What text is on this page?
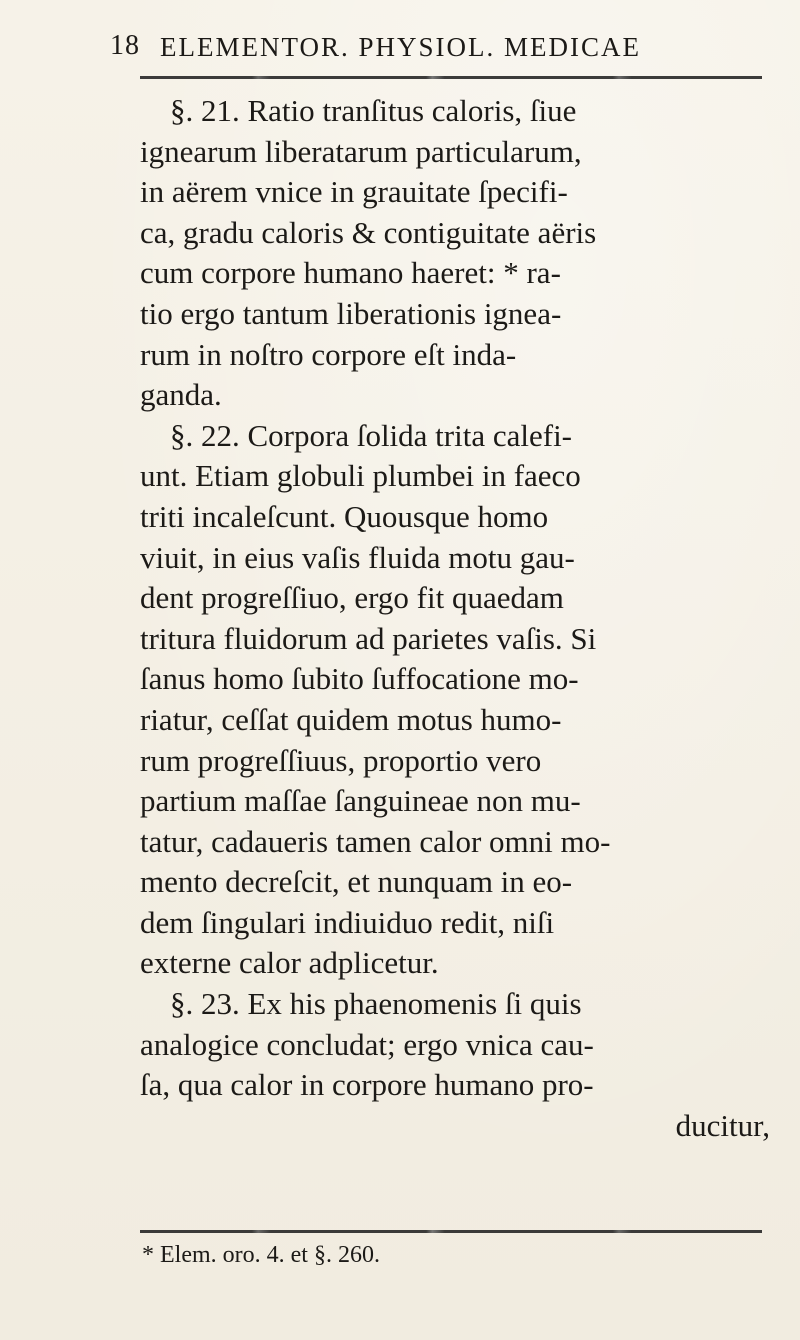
18 ELEMENTOR. PHYSIOL. MEDICAE
§. 21. Ratio tranſitus caloris, ſiue
ignearum liberatarum particularum,
in aërem vnice in grauitate ſpecifi-
ca, gradu caloris & contiguitate aëris
cum corpore humano haeret: * ra-
tio ergo tantum liberationis ignea-
rum in noſtro corpore eſt inda-
ganda.
§. 22. Corpora ſolida trita calefi-
unt. Etiam globuli plumbei in faeco
triti incaleſcunt. Quousque homo
viuit, in eius vaſis fluida motu gau-
dent progreſſiuo, ergo fit quaedam
tritura fluidorum ad parietes vaſis. Si
ſanus homo ſubito ſuffocatione mo-
riatur, ceſſat quidem motus humo-
rum progreſſiuus, proportio vero
partium maſſae ſanguineae non mu-
tatur, cadaueris tamen calor omni mo-
mento decreſcit, et nunquam in eo-
dem ſingulari indiuiduo redit, niſi
externe calor adplicetur.
§. 23. Ex his phaenomenis ſi quis
analogice concludat; ergo vnica cau-
ſa, qua calor in corpore humano pro-
ducitur,
* Elem. oro. 4. et §. 260.
